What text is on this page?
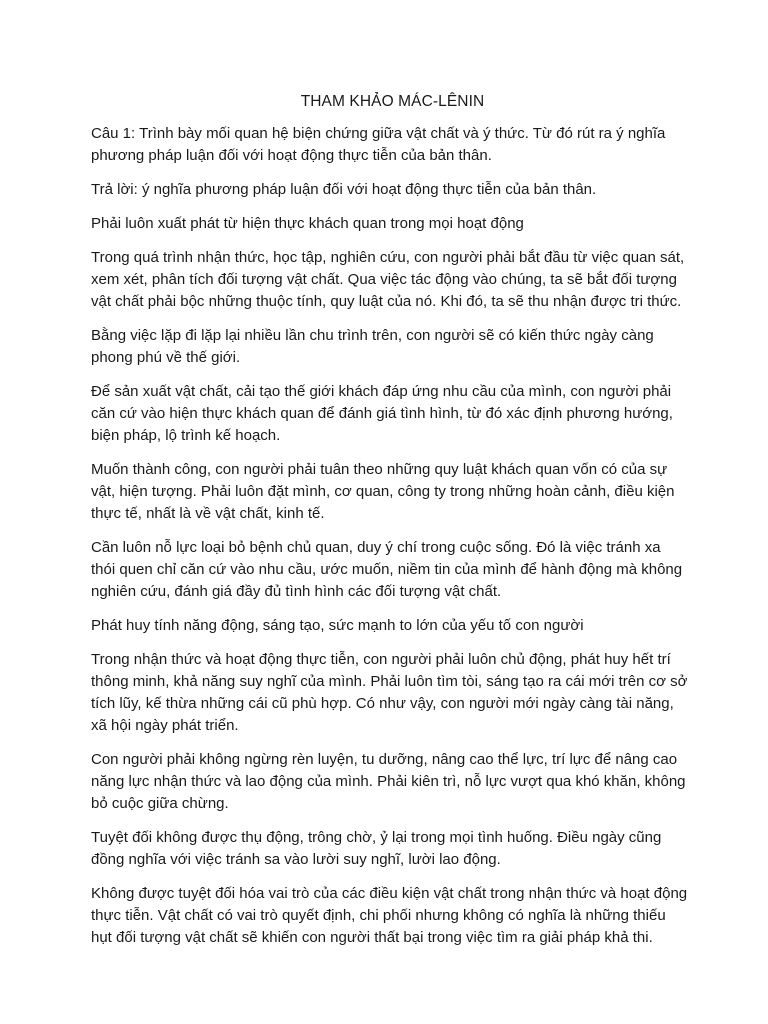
THAM KHẢO MÁC-LÊNIN

Câu 1: Trình bày mối quan hệ biện chứng giữa vật chất và ý thức. Từ đó rút ra ý nghĩa phương pháp luận đối với hoạt động thực tiễn của bản thân.

Trả lời: ý nghĩa phương pháp luận đối với hoạt động thực tiễn của bản thân.

Phải luôn xuất phát từ hiện thực khách quan trong mọi hoạt động

Trong quá trình nhận thức, học tập, nghiên cứu, con người phải bắt đầu từ việc quan sát, xem xét, phân tích đối tượng vật chất. Qua việc tác động vào chúng, ta sẽ bắt đối tượng vật chất phải bộc những thuộc tính, quy luật của nó. Khi đó, ta sẽ thu nhận được tri thức.

Bằng việc lặp đi lặp lại nhiều lần chu trình trên, con người sẽ có kiến thức ngày càng phong phú về thế giới.

Để sản xuất vật chất, cải tạo thế giới khách đáp ứng nhu cầu của mình, con người phải căn cứ vào hiện thực khách quan để đánh giá tình hình, từ đó xác định phương hướng, biện pháp, lộ trình kế hoạch.

Muốn thành công, con người phải tuân theo những quy luật khách quan vốn có của sự vật, hiện tượng. Phải luôn đặt mình, cơ quan, công ty trong những hoàn cảnh, điều kiện thực tế, nhất là về vật chất, kinh tế.

Cần luôn nỗ lực loại bỏ bệnh chủ quan, duy ý chí trong cuộc sống. Đó là việc tránh xa thói quen chỉ căn cứ vào nhu cầu, ước muốn, niềm tin của mình để hành động mà không nghiên cứu, đánh giá đầy đủ tình hình các đối tượng vật chất.

Phát huy tính năng động, sáng tạo, sức mạnh to lớn của yếu tố con người

Trong nhận thức và hoạt động thực tiễn, con người phải luôn chủ động, phát huy hết trí thông minh, khả năng suy nghĩ của mình. Phải luôn tìm tòi, sáng tạo ra cái mới trên cơ sở tích lũy, kế thừa những cái cũ phù hợp. Có như vậy, con người mới ngày càng tài năng, xã hội ngày phát triển.

Con người phải không ngừng rèn luyện, tu dưỡng, nâng cao thể lực, trí lực để nâng cao năng lực nhận thức và lao động của mình. Phải kiên trì, nỗ lực vượt qua khó khăn, không bỏ cuộc giữa chừng.

Tuyệt đối không được thụ động, trông chờ, ỷ lại trong mọi tình huống. Điều ngày cũng đồng nghĩa với việc tránh sa vào lười suy nghĩ, lười lao động.

Không được tuyệt đối hóa vai trò của các điều kiện vật chất trong nhận thức và hoạt động thực tiễn. Vật chất có vai trò quyết định, chi phối nhưng không có nghĩa là những thiếu hụt đối tượng vật chất sẽ khiến con người thất bại trong việc tìm ra giải pháp khả thi.
